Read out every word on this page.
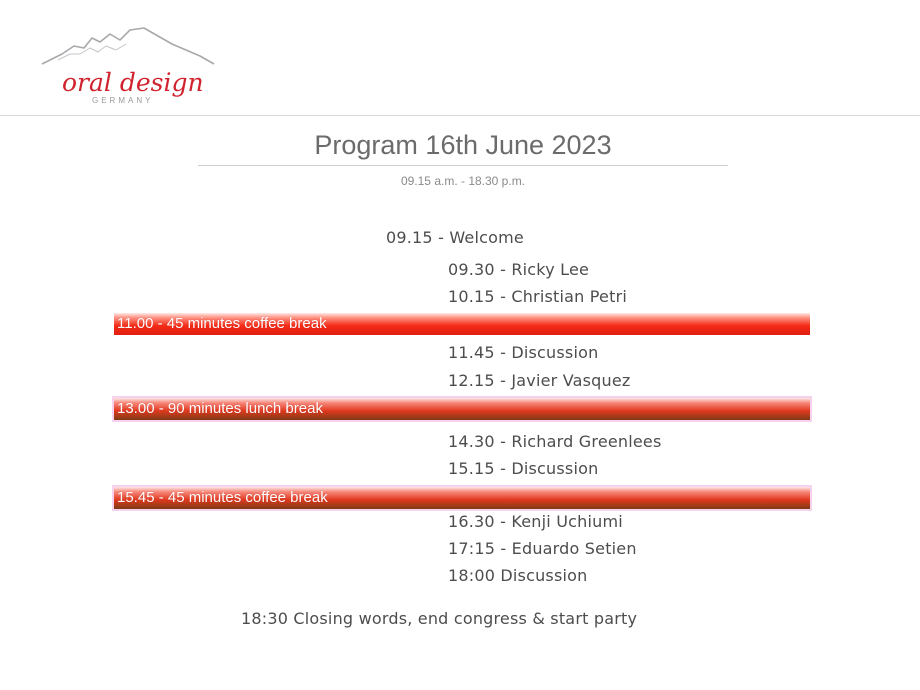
oral design
GERMANY
Program 16th June 2023
09.15 a.m. - 18.30 p.m.
09.15 - Welcome
09.30 - Ricky Lee
10.15 - Christian Petri
11.00 - 45 minutes coffee break
11.45 - Discussion
12.15 - Javier Vasquez
13.00 - 90 minutes lunch break
14.30 - Richard Greenlees
15.15 - Discussion
15.45 - 45 minutes coffee break
16.30 - Kenji Uchiumi
17:15 - Eduardo Setien
18:00 Discussion
18:30 Closing words, end congress & start party
